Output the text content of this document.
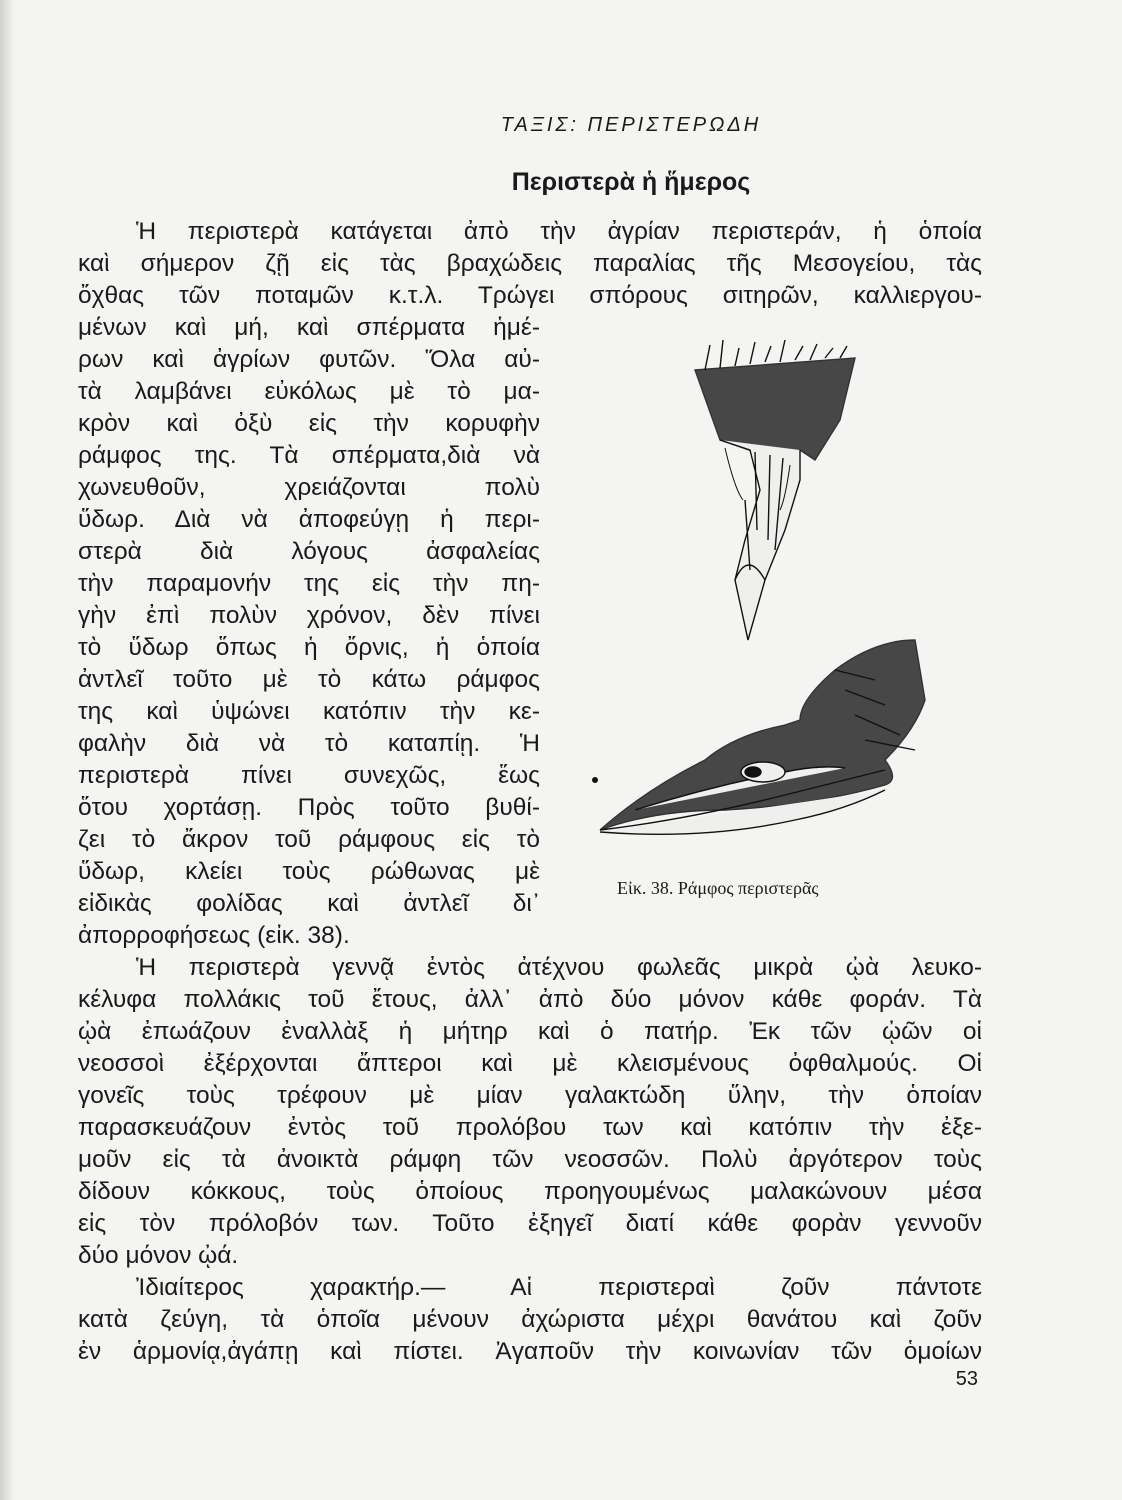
ΤΑΞΙΣ: ΠΕΡΙΣΤΕΡΩΔΗ
Περιστερὰ ἡ ἥμερος
Ἡ περιστερὰ κατάγεται ἀπὸ τὴν ἀγρίαν περιστεράν, ἡ ὁποία
καὶ σήμερον ζῇ εἰς τὰς βραχώδεις παραλίας τῆς Μεσογείου, τὰς
ὄχθας τῶν ποταμῶν κ.τ.λ. Τρώγει σπόρους σιτηρῶν, καλλιεργου-
μένων καὶ μή, καὶ σπέρματα ἡμέ-
ρων καὶ ἀγρίων φυτῶν. Ὅλα αὐ-
τὰ λαμβάνει εὐκόλως μὲ τὸ μα-
κρὸν καὶ ὀξὺ εἰς τὴν κορυφὴν
ράμφος της. Τὰ σπέρματα,διὰ νὰ
χωνευθοῦν, χρειάζονται πολὺ
ὕδωρ. Διὰ νὰ ἀποφεύγῃ ἡ περι-
στερὰ διὰ λόγους ἀσφαλείας
τὴν παραμονήν της εἰς τὴν πη-
γὴν ἐπὶ πολὺν χρόνον, δὲν πίνει
τὸ ὕδωρ ὅπως ἡ ὄρνις, ἡ ὁποία
ἀντλεῖ τοῦτο μὲ τὸ κάτω ράμφος
της καὶ ὑψώνει κατόπιν τὴν κε-
φαλὴν διὰ νὰ τὸ καταπίῃ. Ἡ
περιστερὰ πίνει συνεχῶς, ἕως
ὅτου χορτάσῃ. Πρὸς τοῦτο βυθί-
ζει τὸ ἄκρον τοῦ ράμφους εἰς τὸ
ὕδωρ, κλείει τοὺς ρώθωνας μὲ
εἰδικὰς φολίδας καὶ ἀντλεῖ δι᾿
ἀπορροφήσεως (εἰκ. 38).
Ἡ περιστερὰ γεννᾷ ἐντὸς ἀτέχνου φωλεᾶς μικρὰ ᾠὰ λευκο-
κέλυφα πολλάκις τοῦ ἔτους, ἀλλ᾿ ἀπὸ δύο μόνον κάθε φοράν. Τὰ
ᾠὰ ἐπωάζουν ἐναλλὰξ ἡ μήτηρ καὶ ὁ πατήρ. Ἐκ τῶν ᾠῶν οἱ
νεοσσοὶ ἐξέρχονται ἄπτεροι καὶ μὲ κλεισμένους ὀφθαλμούς. Οἱ
γονεῖς τοὺς τρέφουν μὲ μίαν γαλακτώδη ὕλην, τὴν ὁποίαν
παρασκευάζουν ἐντὸς τοῦ προλόβου των καὶ κατόπιν τὴν ἐξε-
μοῦν εἰς τὰ ἀνοικτὰ ράμφη τῶν νεοσσῶν. Πολὺ ἀργότερον τοὺς
δίδουν κόκκους, τοὺς ὁποίους προηγουμένως μαλακώνουν μέσα
εἰς τὸν πρόλοβόν των. Τοῦτο ἐξηγεῖ διατί κάθε φορὰν γεννοῦν
δύο μόνον ᾠά.
Ἰδιαίτερος χαρακτήρ.— Αἱ περιστεραὶ ζοῦν πάντοτε
κατὰ ζεύγη, τὰ ὁποῖα μένουν ἀχώριστα μέχρι θανάτου καὶ ζοῦν
ἐν ἁρμονίᾳ,ἀγάπῃ καὶ πίστει. Ἀγαποῦν τὴν κοινωνίαν τῶν ὁμοίων
Εἰκ. 38. Ράμφος περιστερᾶς
53
